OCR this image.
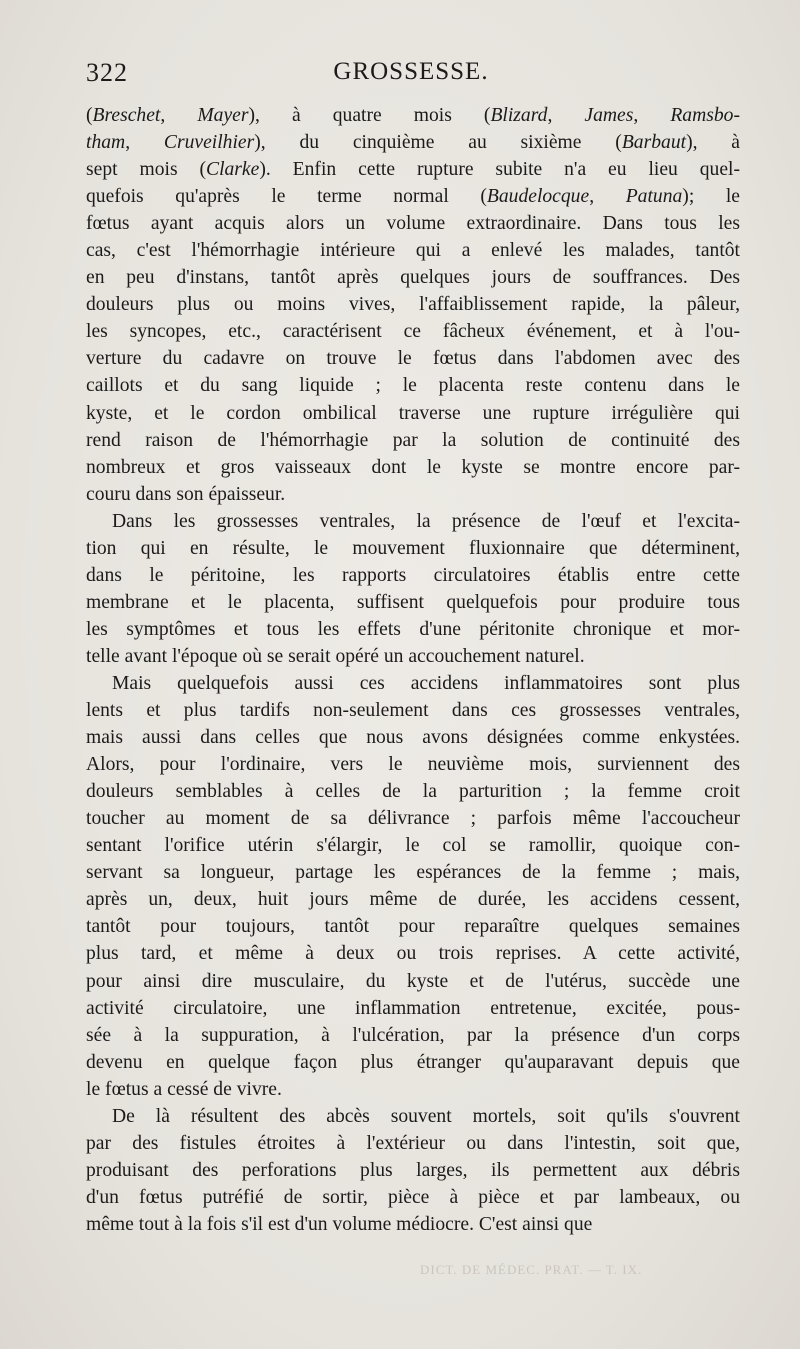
322	GROSSESSE.
(Breschet, Mayer), à quatre mois (Blizard, James, Ramsbo-
tham, Cruveilhier), du cinquième au sixième (Barbaut), à
sept mois (Clarke). Enfin cette rupture subite n'a eu lieu quel-
quefois qu'après le terme normal (Baudelocque, Patuna); le
fœtus ayant acquis alors un volume extraordinaire. Dans tous les
cas, c'est l'hémorrhagie intérieure qui a enlevé les malades, tantôt
en peu d'instans, tantôt après quelques jours de souffrances. Des
douleurs plus ou moins vives, l'affaiblissement rapide, la pâleur,
les syncopes, etc., caractérisent ce fâcheux événement, et à l'ou-
verture du cadavre on trouve le fœtus dans l'abdomen avec des
caillots et du sang liquide ; le placenta reste contenu dans le
kyste, et le cordon ombilical traverse une rupture irrégulière qui
rend raison de l'hémorrhagie par la solution de continuité des
nombreux et gros vaisseaux dont le kyste se montre encore par-
couru dans son épaisseur.
Dans les grossesses ventrales, la présence de l'œuf et l'excita-
tion qui en résulte, le mouvement fluxionnaire que déterminent,
dans le péritoine, les rapports circulatoires établis entre cette
membrane et le placenta, suffisent quelquefois pour produire tous
les symptômes et tous les effets d'une péritonite chronique et mor-
telle avant l'époque où se serait opéré un accouchement naturel.
Mais quelquefois aussi ces accidens inflammatoires sont plus
lents et plus tardifs non-seulement dans ces grossesses ventrales,
mais aussi dans celles que nous avons désignées comme enkystées.
Alors, pour l'ordinaire, vers le neuvième mois, surviennent des
douleurs semblables à celles de la parturition ; la femme croit
toucher au moment de sa délivrance ; parfois même l'accoucheur
sentant l'orifice utérin s'élargir, le col se ramollir, quoique con-
servant sa longueur, partage les espérances de la femme ; mais,
après un, deux, huit jours même de durée, les accidens cessent,
tantôt pour toujours, tantôt pour reparaître quelques semaines
plus tard, et même à deux ou trois reprises. A cette activité,
pour ainsi dire musculaire, du kyste et de l'utérus, succède une
activité circulatoire, une inflammation entretenue, excitée, pous-
sée à la suppuration, à l'ulcération, par la présence d'un corps
devenu en quelque façon plus étranger qu'auparavant depuis que
le fœtus a cessé de vivre.
De là résultent des abcès souvent mortels, soit qu'ils s'ouvrent
par des fistules étroites à l'extérieur ou dans l'intestin, soit que,
produisant des perforations plus larges, ils permettent aux débris
d'un fœtus putréfié de sortir, pièce à pièce et par lambeaux, ou
même tout à la fois s'il est d'un volume médiocre. C'est ainsi que
DICT. DE MÉDEC. PRAT. — T. IX.
